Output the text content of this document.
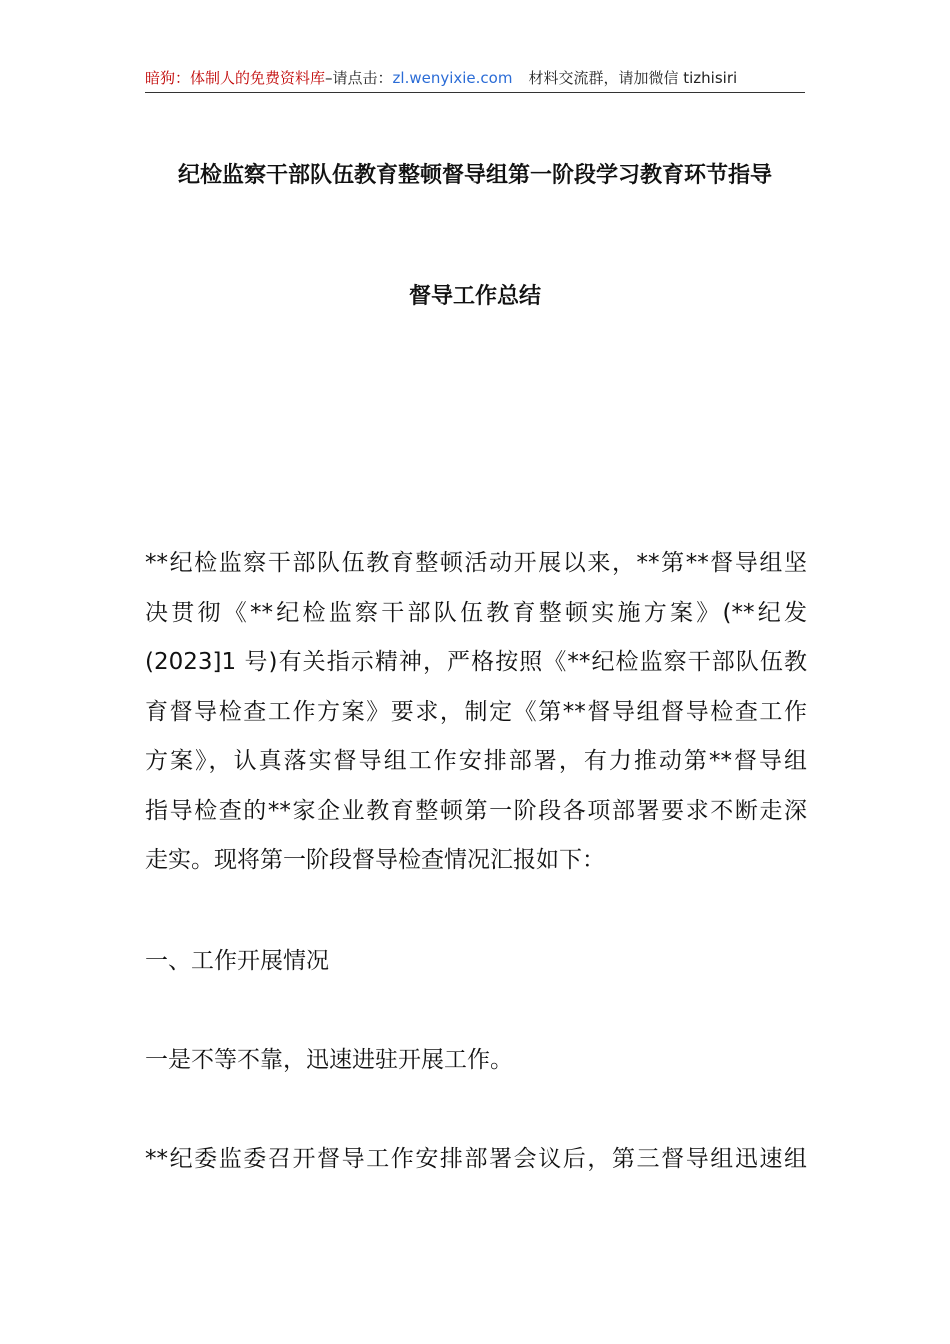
暗狗：体制人的免费资料库–请点击：zl.wenyixie.com 材料交流群，请加微信 tizhisiri
纪检监察干部队伍教育整顿督导组第一阶段学习教育环节指导
督导工作总结
**纪检监察干部队伍教育整顿活动开展以来，**第**督导组坚
决贯彻《**纪检监察干部队伍教育整顿实施方案》(**纪发
(2023]1 号)有关指示精神，严格按照《**纪检监察干部队伍教
育督导检查工作方案》要求，制定《第**督导组督导检查工作
方案》，认真落实督导组工作安排部署，有力推动第**督导组
指导检查的**家企业教育整顿第一阶段各项部署要求不断走深
走实。现将第一阶段督导检查情况汇报如下：
一、工作开展情况
一是不等不靠，迅速进驻开展工作。
**纪委监委召开督导工作安排部署会议后，第三督导组迅速组
